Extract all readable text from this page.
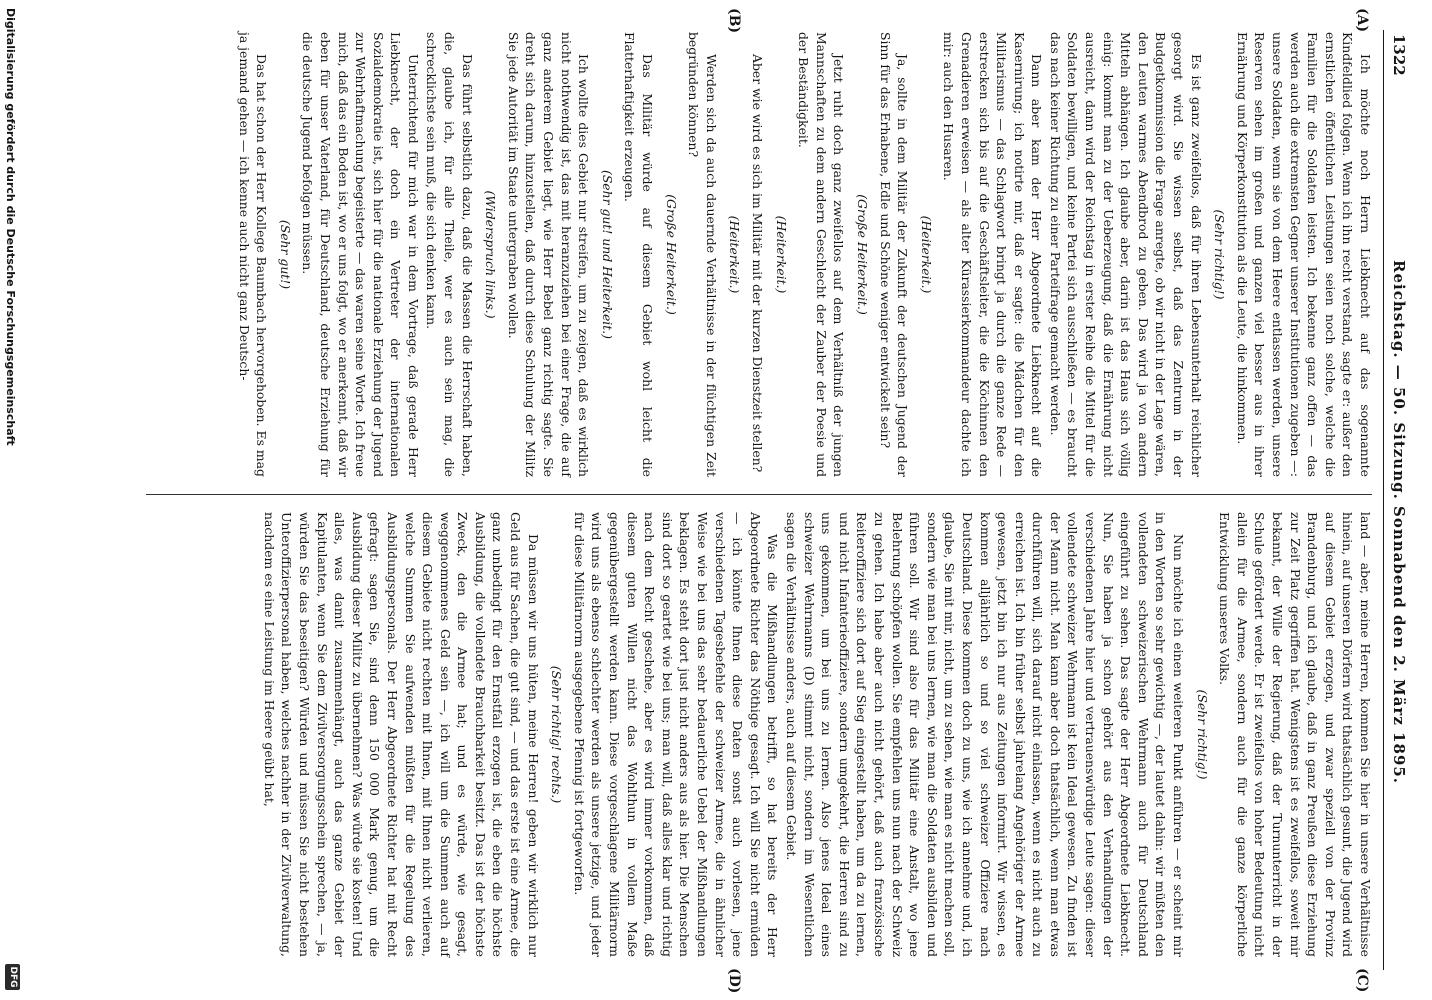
1322
Reichstag. — 50. Sitzung. Sonnabend den 2. März 1895.
(A)
(B)
(C)
(D)

Ich möchte noch Herrn Liebknecht auf das sogenannte Kindfeldlied folgen. Wenn ich ihn recht verstand, sagte er: außer den ernstlichen öffentlichen Leistungen seien noch solche, welche die Familien für die Soldaten leisten. Ich bekenne ganz offen — das werden auch die extremsten Gegner unserer Institutionen zugeben —: unsere Soldaten, wenn sie von dem Heere entlassen werden, unsere Reserven sehen im großen und ganzen viel besser aus in ihrer Ernährung und Körperkonstitution als die Leute, die hinkommen.

(Sehr richtig!)

Es ist ganz zweifellos, daß für ihren Lebensunterhalt reichlicher gesorgt wird. Sie wissen selbst, daß das Zentrum in der Budgetkommission die Frage anregte, ob wir nicht in der Lage wären, den Leuten warmes Abendbrod zu geben. Das wird ja von andern Mitteln abhängen. Ich glaube aber, darin ist das Haus sich völlig einig: kommt man zu der Ueberzeugung, daß die Ernährung nicht ausreicht, dann wird der Reichstag in erster Reihe die Mittel für die Soldaten bewilligen, und keine Partei sich ausschließen — es braucht das nach keiner Richtung zu einer Parteifrage gemacht werden.

Dann aber kam der Herr Abgeordnete Liebknecht auf die Kasernirung; ich notirte mir, daß er sagte: die Mädchen für den Militarismus — das Schlagwort bringt ja durch die ganze Rede — erstrecken sich bis auf die Geschäftsleiter, die die Köchinnen den Grenadieren erweisen — als alter Kürassierkommandeur dachte ich mir: auch den Husaren.

(Heiterkeit.)

Ja, sollte in dem Militär der Zukunft der deutschen Jugend der Sinn für das Erhabene, Edle und Schöne weniger entwickelt sein?

(Große Heiterkeit.)

Jetzt ruht doch ganz zweifellos auf dem Verhältniß der jungen Mannschaften zu dem andern Geschlecht der Zauber der Poesie und der Beständigkeit.

(Heiterkeit.)

Aber wie wird es sich im Militär mit der kurzen Dienstzeit stellen?

(Heiterkeit.)

Werden sich da auch dauernde Verhältnisse in der flüchtigen Zeit begründen können?

(Große Heiterkeit.)

Das Militär würde auf diesem Gebiet wohl leicht die Flatterhaftigkeit erzeugen.

(Sehr gut! und Heiterkeit.)

Ich wollte dies Gebiet nur streifen, um zu zeigen, daß es wirklich nicht nothwendig ist, das mit heranzuziehen bei einer Frage, die auf ganz anderem Gebiet liegt, wie Herr Bebel ganz richtig sagte. Sie dreht sich darum, hinzustellen, daß durch diese Schulung der Militz Sie jede Autorität im Staate untergraben wollen.

(Widerspruch links.)

Das führt selbstlich dazu, daß die Massen die Herrschaft haben, die, glaube ich, für alle Theile, wer es auch sein mag, die schrecklichste sein muß, die sich denken kann.

Unterrichtend für mich war in dem Vortrage, daß gerade Herr Liebknecht, der doch ein Vertreter der internationalen Sozialdemokratie ist, sich hier für die nationale Erziehung der Jugend zur Wehrhaftmachung begeisterte — das waren seine Worte. Ich freue mich, daß das ein Boden ist, wo er uns folgt, wo er anerkennt, daß wir eben für unser Vaterland, für Deutschland, deutsche Erziehung für die deutsche Jugend befolgen müssen.

(Sehr gut!)

Das hat schon der Herr Kollege Baumbach hervorgehoben. Es mag ja jemand gehen — ich kenne auch nicht ganz Deutsch-

land — aber, meine Herren, kommen Sie hier in unsere Verhältnisse hinein, auf unseren Dörfern wird thatsächlich gesunt, die Jugend wird auf diesem Gebiet erzogen, und zwar speziell von der Provinz Brandenburg, und ich glaube, daß in ganz Preußen diese Erziehung zur Zeit Platz gegriffen hat. Wenigstens ist es zweifellos, soweit mir bekannt, der Wille der Regierung, daß der Turnunterricht in der Schule gefördert werde. Er ist zweifellos von hoher Bedeutung nicht allein für die Armee, sondern auch für die ganze körperliche Entwicklung unseres Volks.

(Sehr richtig!)

Nun möchte ich einen weiteren Punkt anführen — er scheint mir in den Worten so sehr gewichtig —, der lautet dahin: wir müßten den vollendeten schweizerischen Wehrmann auch für Deutschland eingeführt zu sehen. Das sagte der Herr Abgeordnete Liebknecht. Nun, Sie haben ja schon gehört aus den Verhandlungen der verschiedenen Jahre hier und vertrauenswürdige Leute sagen: dieser vollendete schweizer Wehrmann ist kein Ideal gewesen. Zu finden ist der Mann nicht. Man kann aber doch thatsächlich, wenn man etwas durchführen will, sich darauf nicht einlassen, wenn es nicht auch zu erreichen ist. Ich bin früher selbst jahrelang Angehöriger der Armee gewesen, jetzt bin ich nur aus Zeitungen informirt. Wir wissen, es kommen alljährlich so und so viel schweizer Offiziere nach Deutschland. Diese kommen doch zu uns, wie ich annehme und, ich glaube, Sie mit mir, nicht, um zu sehen, wie man es nicht machen soll, sondern wie man bei uns lernen, wie man die Soldaten ausbilden und führen soll. Wir sind also für das Militär eine Anstalt, wo jene Belehrung schöpfen wollen. Sie empfehlen uns nun nach der Schweiz zu gehen. Ich habe aber auch nicht gehört, daß auch französische Reiteroffiziere sich dort auf Sieg eingestellt haben, um da zu lernen, und nicht Infanterieoffiziere, sondern umgekehrt, die Herren sind zu uns gekommen, um bei uns zu lernen. Also jenes Ideal eines schweizer Wehrmanns (D) stimmt nicht, sondern im Wesentlichen sagen die Verhältnisse anders, auch auf diesem Gebiet.

Was die Mißhandlungen betrifft, so hat bereits der Herr Abgeordnete Richter das Nöthige gesagt. Ich will Sie nicht ermüden — ich könnte Ihnen diese Daten sonst auch vorlesen, jene verschiedenen Tagesbefehle der schweizer Armee, die in ähnlicher Weise wie bei uns das sehr bedauerliche Uebel der Mißhandlungen beklagen. Es steht dort just nicht anders aus als hier. Die Menschen sind dort so geartet wie bei uns; man will, daß alles klar und richtig nach dem Recht geschehe, aber es wird immer vorkommen, daß diesem guten Willen nicht das Wohlthun in vollem Maße gegenübergestellt werden kann. Diese vorgeschlagene Militärnorm wird uns als ebenso schlechter werden als unsere jetzige, und jeder für diese Militärnorm ausgegebene Pfennig ist fortgeworfen.

(Sehr richtig! rechts.)

Da müssen wir uns hüten, meine Herren! geben wir wirklich nur Geld aus für Sachen, die gut sind, — und das erste ist eine Armee, die ganz unbedingt für den Ernstfall erzogen ist, die eben die höchste Ausbildung, die vollendete Brauchbarkeit besitzt. Das ist der höchste Zweck, den die Armee hat; und es würde, wie gesagt, weggenommenes Geld sein —, ich will um die Summen auch auf diesem Gebiete nicht rechten mit Ihnen, mit Ihnen nicht verlieren, welche Summen Sie aufwenden müßten für die Regelung des Ausbildungspersonals. Der Herr Abgeordnete Richter hat mit Recht gefragt: sagen Sie, sind denn 150 000 Mark genug, um die Ausbildung dieser Militz zu übernehmen? Was würde sie kosten! Und alles, was damit zusammenhängt, auch das ganze Gebiet der Kapitulanten, wenn Sie dem Zivilversorgungsschein sprechen, — ja, würden Sie das beseitigen? Würden und müssen Sie nicht bestehen Unteroffizierpersonal haben, welches nachher in der Zivilverwaltung, nachdem es eine Leistung im Heere geübt hat,

Digitalisierung gefördert durch die Deutsche Forschungsgemeinschaft
DFG
